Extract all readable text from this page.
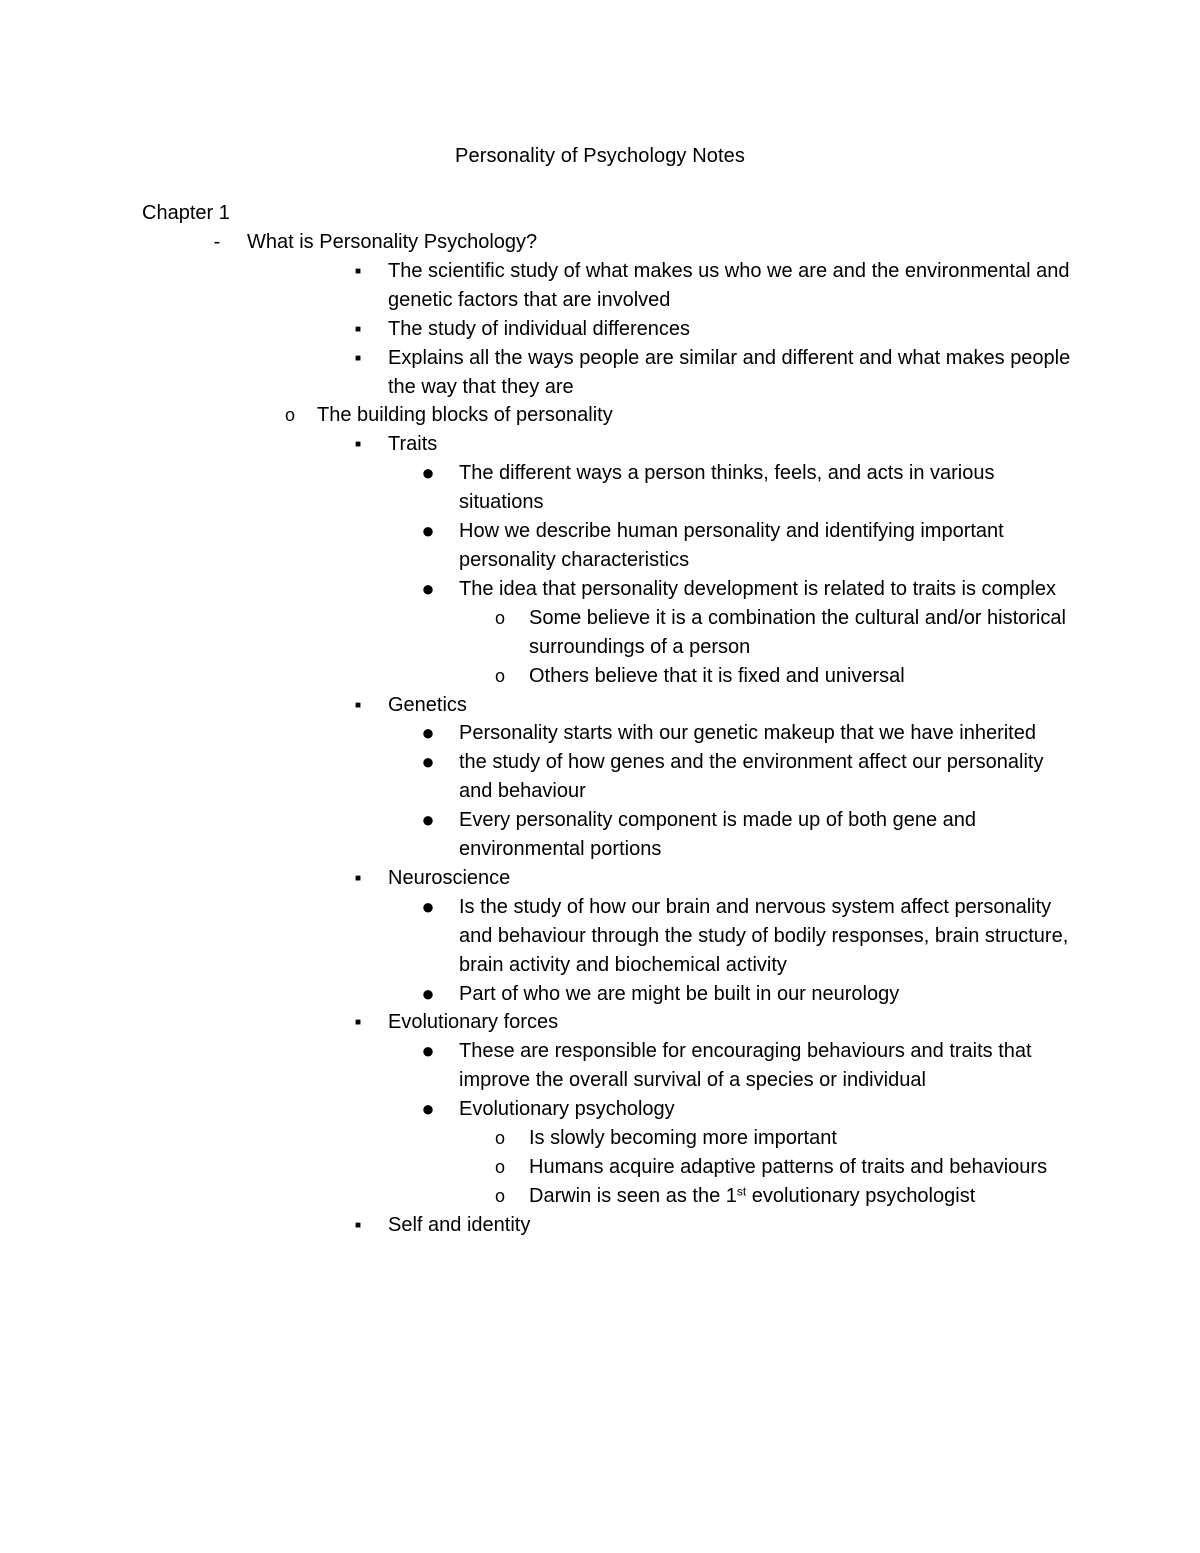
Personality of Psychology Notes
Chapter 1
-	What is Personality Psychology?
■	The scientific study of what makes us who we are and the environmental and genetic factors that are involved
■	The study of individual differences
■	Explains all the ways people are similar and different and what makes people the way that they are
o The building blocks of personality
■	Traits
● The different ways a person thinks, feels, and acts in various situations
● How we describe human personality and identifying important personality characteristics
● The idea that personality development is related to traits is complex
o Some believe it is a combination the cultural and/or historical surroundings of a person
o Others believe that it is fixed and universal
■	Genetics
● Personality starts with our genetic makeup that we have inherited
● the study of how genes and the environment affect our personality and behaviour
● Every personality component is made up of both gene and environmental portions
■	Neuroscience
● Is the study of how our brain and nervous system affect personality and behaviour through the study of bodily responses, brain structure, brain activity and biochemical activity
● Part of who we are might be built in our neurology
■	Evolutionary forces
● These are responsible for encouraging behaviours and traits that improve the overall survival of a species or individual
● Evolutionary psychology
o Is slowly becoming more important
o Humans acquire adaptive patterns of traits and behaviours
o Darwin is seen as the 1st evolutionary psychologist
■	Self and identity
